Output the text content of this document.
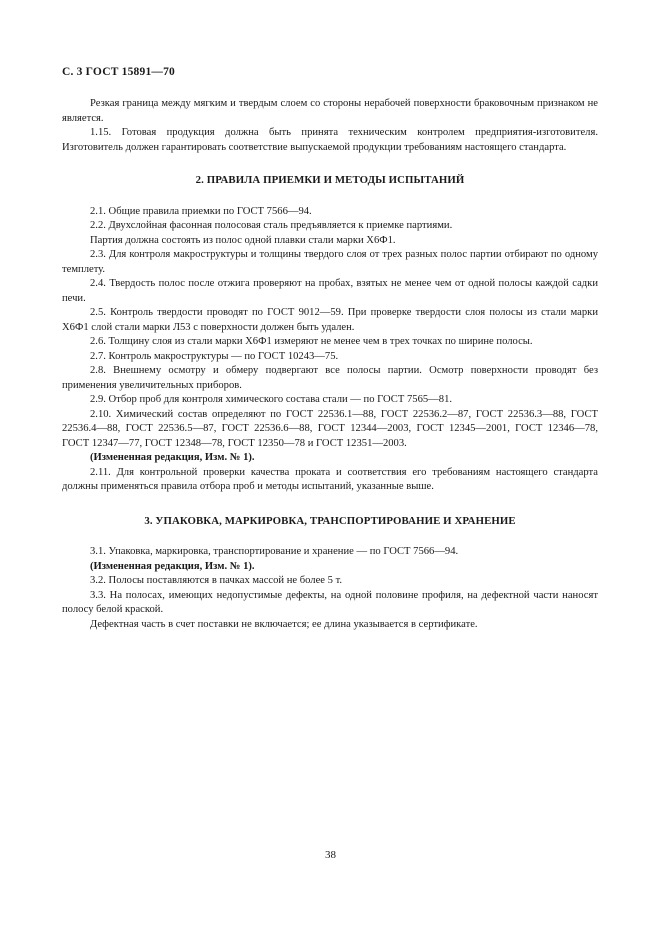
С. 3 ГОСТ 15891—70

Резкая граница между мягким и твердым слоем со стороны нерабочей поверхности браковочным признаком не является.

1.15. Готовая продукция должна быть принята техническим контролем предприятия-изготовителя. Изготовитель должен гарантировать соответствие выпускаемой продукции требованиям настоящего стандарта.

2. ПРАВИЛА ПРИЕМКИ И МЕТОДЫ ИСПЫТАНИЙ

2.1. Общие правила приемки по ГОСТ 7566—94.

2.2. Двухслойная фасонная полосовая сталь предъявляется к приемке партиями.

Партия должна состоять из полос одной плавки стали марки Х6Ф1.

2.3. Для контроля макроструктуры и толщины твердого слоя от трех разных полос партии отбирают по одному темплету.

2.4. Твердость полос после отжига проверяют на пробах, взятых не менее чем от одной полосы каждой садки печи.

2.5. Контроль твердости проводят по ГОСТ 9012—59. При проверке твердости слоя полосы из стали марки Х6Ф1 слой стали марки Л53 с поверхности должен быть удален.

2.6. Толщину слоя из стали марки Х6Ф1 измеряют не менее чем в трех точках по ширине полосы.

2.7. Контроль макроструктуры — по ГОСТ 10243—75.

2.8. Внешнему осмотру и обмеру подвергают все полосы партии. Осмотр поверхности проводят без применения увеличительных приборов.

2.9. Отбор проб для контроля химического состава стали — по ГОСТ 7565—81.

2.10. Химический состав определяют по ГОСТ 22536.1—88, ГОСТ 22536.2—87, ГОСТ 22536.3—88, ГОСТ 22536.4—88, ГОСТ 22536.5—87, ГОСТ 22536.6—88, ГОСТ 12344—2003, ГОСТ 12345—2001, ГОСТ 12346—78, ГОСТ 12347—77, ГОСТ 12348—78, ГОСТ 12350—78 и ГОСТ 12351—2003.

(Измененная редакция, Изм. № 1).

2.11. Для контрольной проверки качества проката и соответствия его требованиям настоящего стандарта должны применяться правила отбора проб и методы испытаний, указанные выше.

3. УПАКОВКА, МАРКИРОВКА, ТРАНСПОРТИРОВАНИЕ И ХРАНЕНИЕ

3.1. Упаковка, маркировка, транспортирование и хранение — по ГОСТ 7566—94.

(Измененная редакция, Изм. № 1).

3.2. Полосы поставляются в пачках массой не более 5 т.

3.3. На полосах, имеющих недопустимые дефекты, на одной половине профиля, на дефектной части наносят полосу белой краской.

Дефектная часть в счет поставки не включается; ее длина указывается в сертификате.

38
